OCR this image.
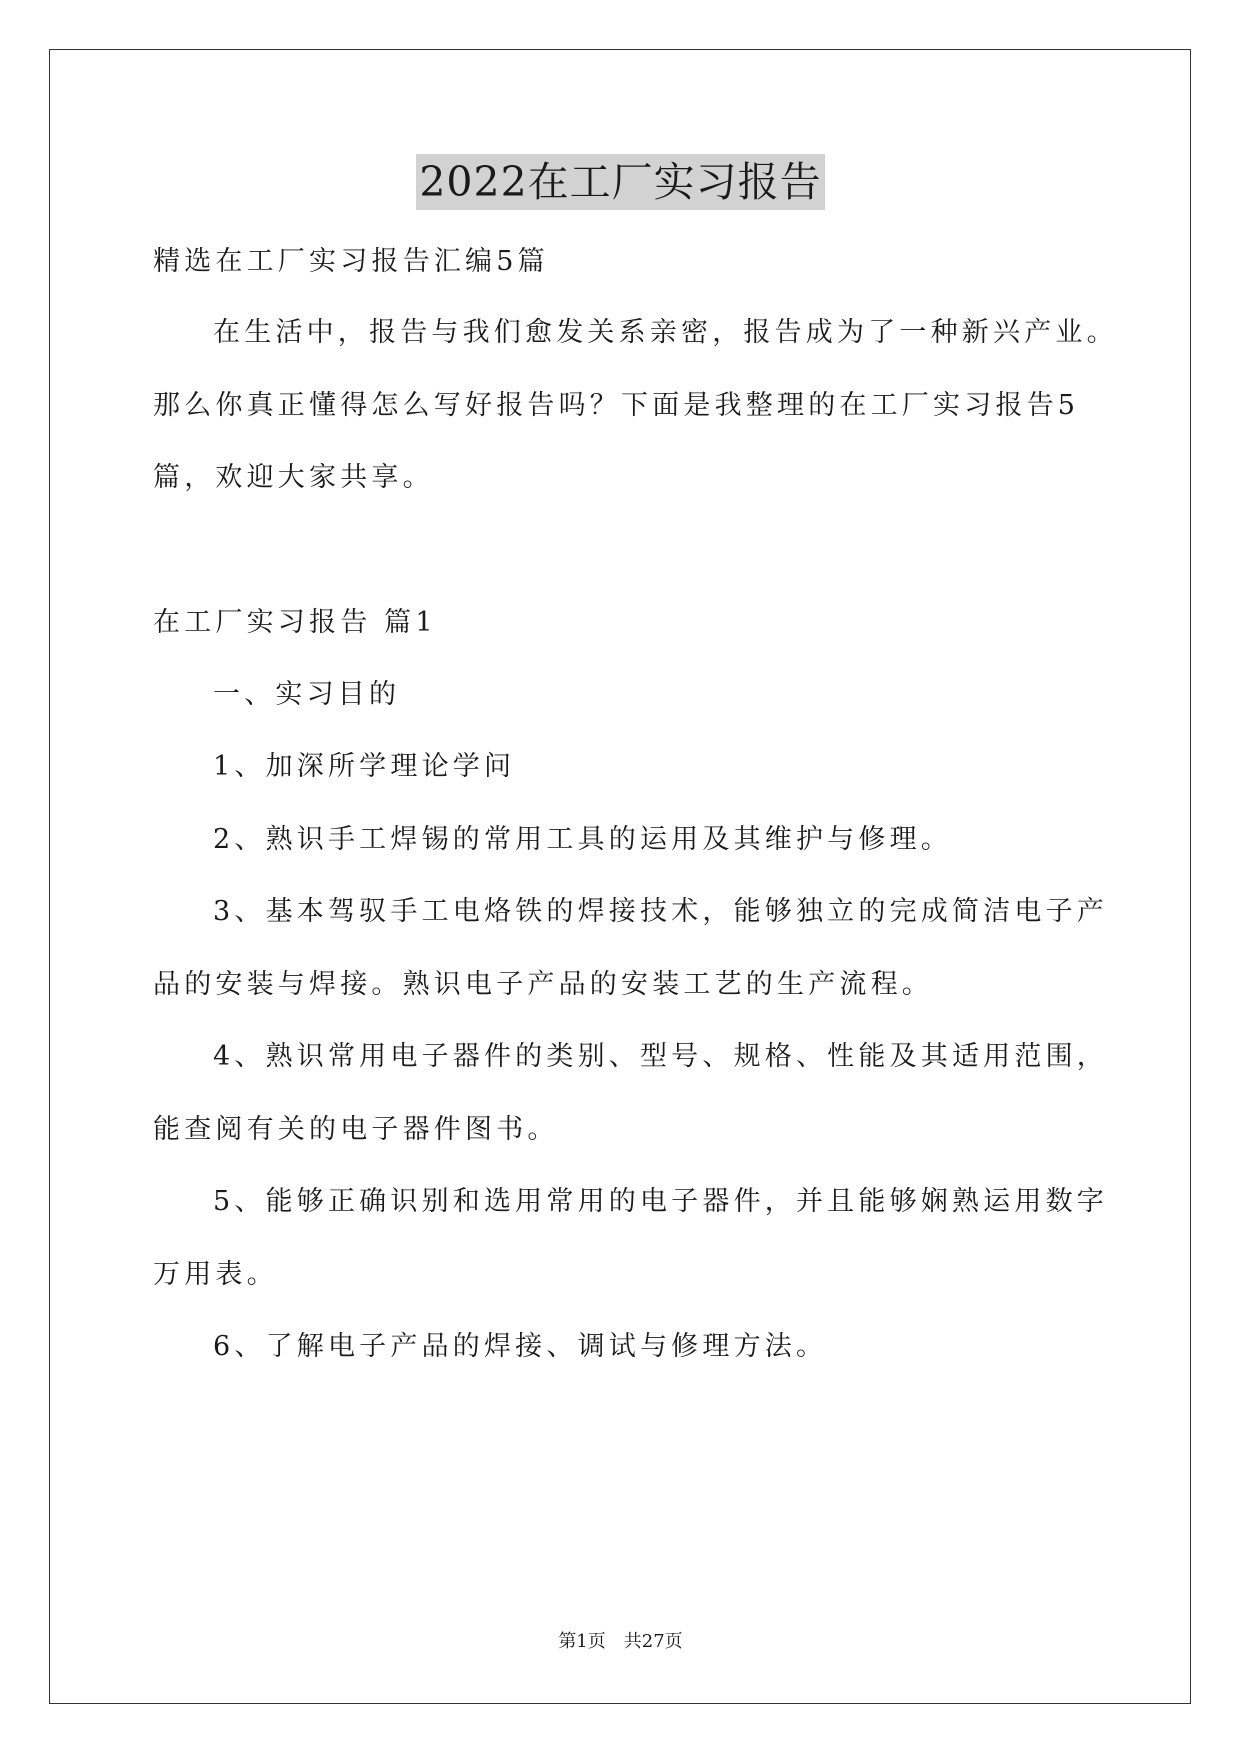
2022在工厂实习报告
精选在工厂实习报告汇编5篇
在生活中，报告与我们愈发关系亲密，报告成为了一种新兴产业。
那么你真正懂得怎么写好报告吗？下面是我整理的在工厂实习报告5
篇，欢迎大家共享。
在工厂实习报告 篇1
一、实习目的
1、加深所学理论学问
2、熟识手工焊锡的常用工具的运用及其维护与修理。
3、基本驾驭手工电烙铁的焊接技术，能够独立的完成简洁电子产
品的安装与焊接。熟识电子产品的安装工艺的生产流程。
4、熟识常用电子器件的类别、型号、规格、性能及其适用范围，
能查阅有关的电子器件图书。
5、能够正确识别和选用常用的电子器件，并且能够娴熟运用数字
万用表。
6、了解电子产品的焊接、调试与修理方法。
第1页 共27页
